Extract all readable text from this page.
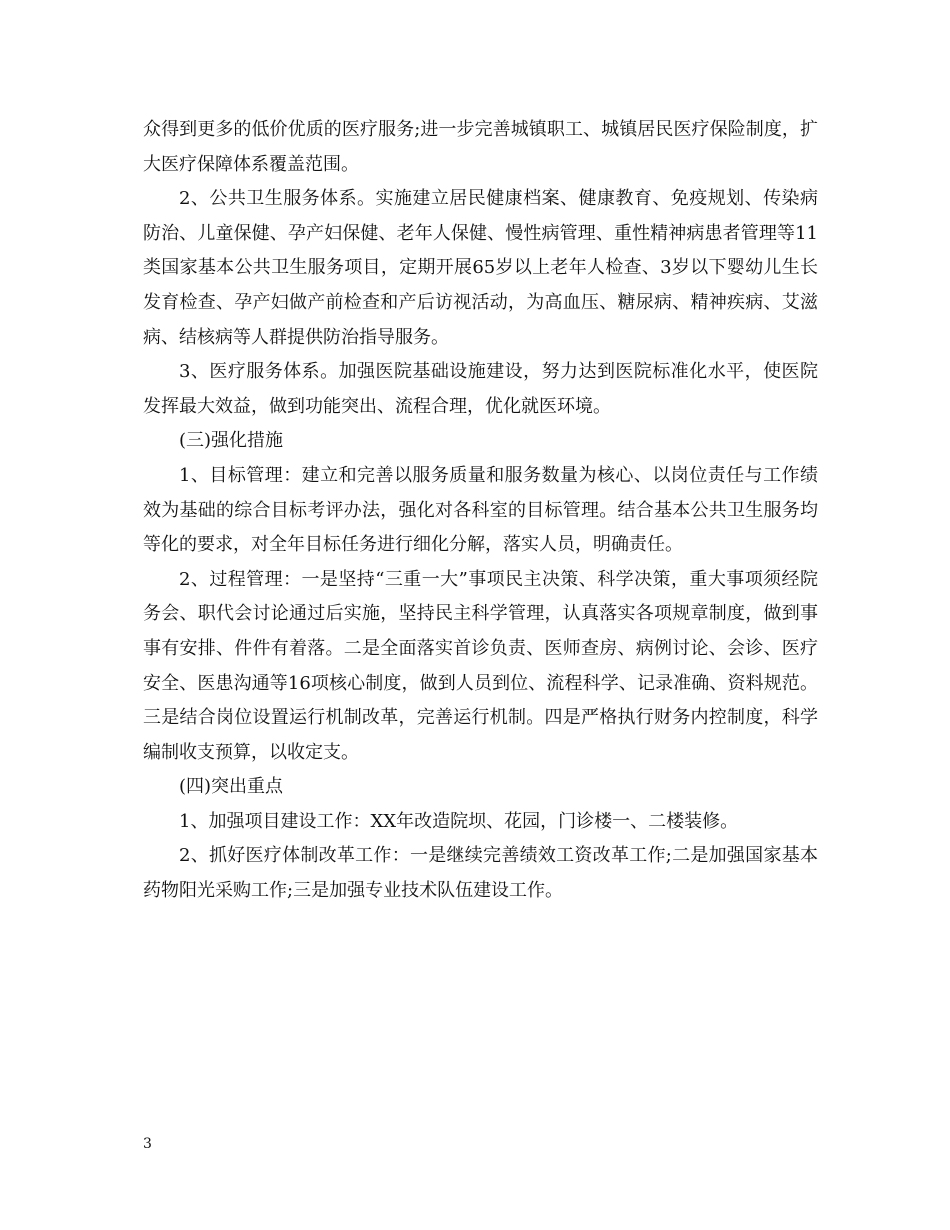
众得到更多的低价优质的医疗服务;进一步完善城镇职工、城镇居民医疗保险制度，扩大医疗保障体系覆盖范围。

2、公共卫生服务体系。实施建立居民健康档案、健康教育、免疫规划、传染病防治、儿童保健、孕产妇保健、老年人保健、慢性病管理、重性精神病患者管理等11类国家基本公共卫生服务项目，定期开展65岁以上老年人检查、3岁以下婴幼儿生长发育检查、孕产妇做产前检查和产后访视活动，为高血压、糖尿病、精神疾病、艾滋病、结核病等人群提供防治指导服务。

3、医疗服务体系。加强医院基础设施建设，努力达到医院标准化水平，使医院发挥最大效益，做到功能突出、流程合理，优化就医环境。

(三)强化措施

1、目标管理：建立和完善以服务质量和服务数量为核心、以岗位责任与工作绩效为基础的综合目标考评办法，强化对各科室的目标管理。结合基本公共卫生服务均等化的要求，对全年目标任务进行细化分解，落实人员，明确责任。

2、过程管理：一是坚持“三重一大”事项民主决策、科学决策，重大事项须经院务会、职代会讨论通过后实施，坚持民主科学管理，认真落实各项规章制度，做到事事有安排、件件有着落。二是全面落实首诊负责、医师查房、病例讨论、会诊、医疗安全、医患沟通等16项核心制度，做到人员到位、流程科学、记录准确、资料规范。三是结合岗位设置运行机制改革，完善运行机制。四是严格执行财务内控制度，科学编制收支预算，以收定支。

(四)突出重点

1、加强项目建设工作：XX年改造院坝、花园，门诊楼一、二楼装修。

2、抓好医疗体制改革工作：一是继续完善绩效工资改革工作;二是加强国家基本药物阳光采购工作;三是加强专业技术队伍建设工作。

3
